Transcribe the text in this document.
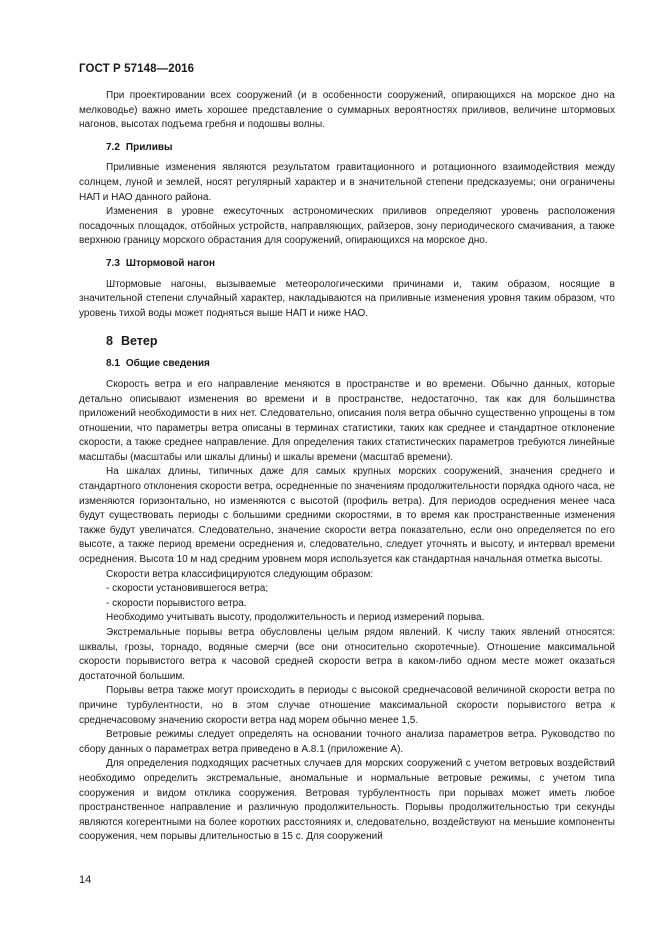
ГОСТ Р 57148—2016

При проектировании всех сооружений (и в особенности сооружений, опирающихся на морское дно на мелководье) важно иметь хорошее представление о суммарных вероятностях приливов, величине штормовых нагонов, высотах подъема гребня и подошвы волны.

7.2 Приливы

Приливные изменения являются результатом гравитационного и ротационного взаимодействия между солнцем, луной и землей, носят регулярный характер и в значительной степени предсказуемы; они ограничены НАП и НАО данного района.

Изменения в уровне ежесуточных астрономических приливов определяют уровень расположения посадочных площадок, отбойных устройств, направляющих, райзеров, зону периодического смачивания, а также верхнюю границу морского обрастания для сооружений, опирающихся на морское дно.

7.3 Штормовой нагон

Штормовые нагоны, вызываемые метеорологическими причинами и, таким образом, носящие в значительной степени случайный характер, накладываются на приливные изменения уровня таким образом, что уровень тихой воды может подняться выше НАП и ниже НАО.

8 Ветер

8.1 Общие сведения

Скорость ветра и его направление меняются в пространстве и во времени. Обычно данных, которые детально описывают изменения во времени и в пространстве, недостаточно, так как для большинства приложений необходимости в них нет. Следовательно, описания поля ветра обычно существенно упрощены в том отношении, что параметры ветра описаны в терминах статистики, таких как среднее и стандартное отклонение скорости, а также среднее направление. Для определения таких статистических параметров требуются линейные масштабы (масштабы или шкалы длины) и шкалы времени (масштаб времени).

На шкалах длины, типичных даже для самых крупных морских сооружений, значения среднего и стандартного отклонения скорости ветра, осредненные по значениям продолжительности порядка одного часа, не изменяются горизонтально, но изменяются с высотой (профиль ветра). Для периодов осреднения менее часа будут существовать периоды с большими средними скоростями, в то время как пространственные изменения также будут увеличатся. Следовательно, значение скорости ветра показательно, если оно определяется по его высоте, а также период времени осреднения и, следовательно, следует уточнять и высоту, и интервал времени осреднения. Высота 10 м над средним уровнем моря используется как стандартная начальная отметка высоты.

Скорости ветра классифицируются следующим образом:

- скорости установившегося ветра;

- скорости порывистого ветра.

Необходимо учитывать высоту, продолжительность и период измерений порыва.

Экстремальные порывы ветра обусловлены целым рядом явлений. К числу таких явлений относятся: шквалы, грозы, торнадо, водяные смерчи (все они относительно скоротечные). Отношение максимальной скорости порывистого ветра к часовой средней скорости ветра в каком-либо одном месте может оказаться достаточной большим.

Порывы ветра также могут происходить в периоды с высокой среднечасовой величиной скорости ветра по причине турбулентности, но в этом случае отношение максимальной скорости порывистого ветра к среднечасовому значению скорости ветра над морем обычно менее 1,5.

Ветровые режимы следует определять на основании точного анализа параметров ветра. Руководство по сбору данных о параметрах ветра приведено в А.8.1 (приложение А).

Для определения подходящих расчетных случаев для морских сооружений с учетом ветровых воздействий необходимо определить экстремальные, аномальные и нормальные ветровые режимы, с учетом типа сооружения и видом отклика сооружения. Ветровая турбулентность при порывах может иметь любое пространственное направление и различную продолжительность. Порывы продолжительностью три секунды являются когерентными на более коротких расстояниях и, следовательно, воздействуют на меньшие компоненты сооружения, чем порывы длительностью в 15 с. Для сооружений

14
